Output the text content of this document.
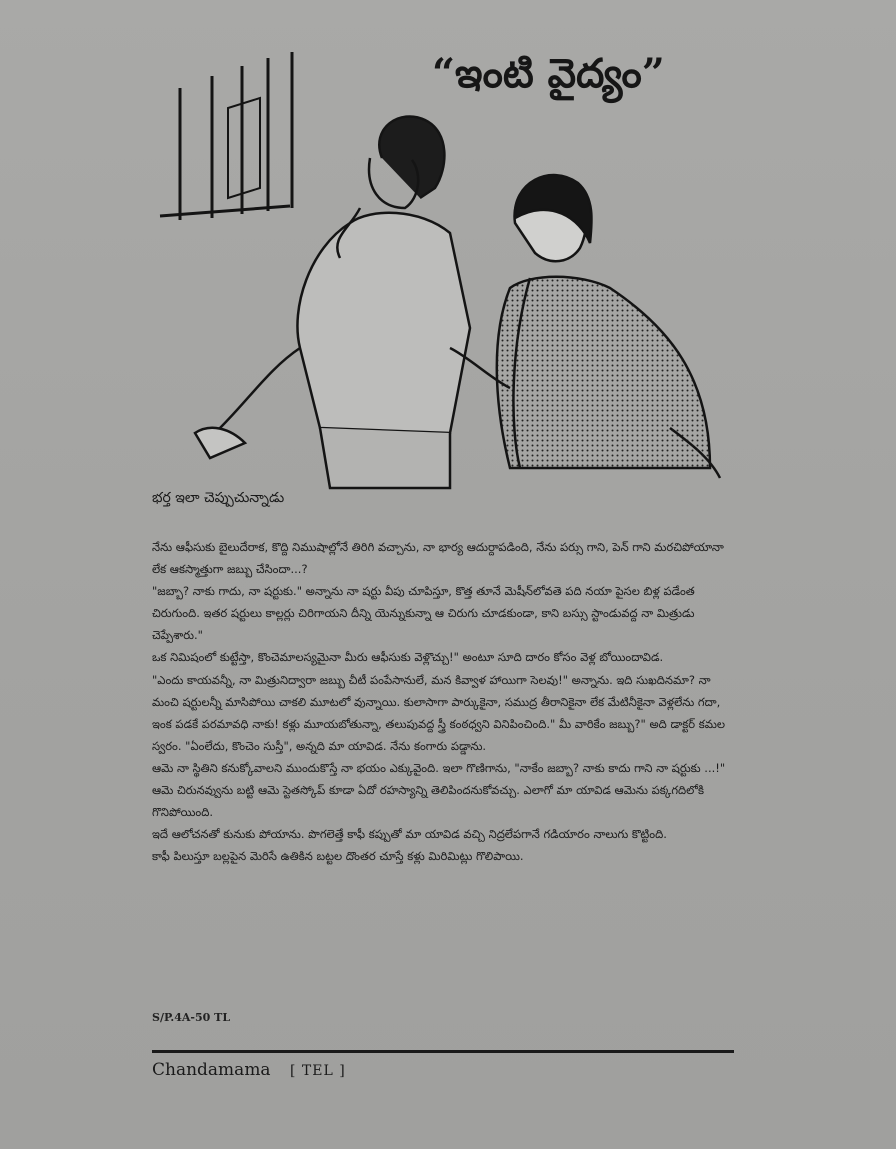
“ఇంటి వైద్యం”
భర్త ఇలా చెప్పుచున్నాడు

నేను ఆఫీసుకు బైలుదేరాక, కొద్ది నిముషాల్లోనే తిరిగి వచ్చాను, నా భార్య ఆదుర్దాపడింది, నేను పర్సు గాని, పెన్ గాని మరచిపోయానా లేక ఆకస్మాత్తుగా జబ్బు చేసిందా...?

"జబ్బా? నాకు గాదు, నా షర్టుకు." అన్నాను నా షర్టు వీపు చూపిస్తూ, కొత్త తూనే మెషీన్‌లోవతె పది నయా పైసల బిళ్ల పడేంత చిరుగుంది. ఇతర షర్టులు కాల్లర్లు చిరిగాయని దీన్ని యెన్నుకున్నా ఆ చిరుగు చూడకుండా, కాని బస్సు స్టాండువద్ద నా మిత్రుడు చెప్పేశారు."

ఒక నిమిషంలో కుట్టేస్తా, కొంచెమాలస్యమైనా మీరు ఆఫీసుకు వెళ్లొచ్చు!" అంటూ సూది దారం కోసం వెళ్ల బోయిందావిడ.

"ఎందు కాయవన్నీ, నా మిత్రునిద్వారా జబ్బు చీటీ పంపేసానులే, మన కివ్వాళ హాయిగా సెలవు!" అన్నాను. ఇది సుఖదినమా? నా మంచి షర్టులన్నీ మాసిపోయి చాకలి మూటలో వున్నాయి. కులాసాగా పార్కుకైనా, సముద్ర తీరానికైనా లేక మేటినీకైనా వెళ్లలేను గదా, ఇంక పడకే పరమావధి నాకు! కళ్లు మూయబోతున్నా, తలుపువద్ద స్త్రీ కంఠధ్వని వినిపించింది." మీ వారికేం జబ్బు?" అది డాక్టర్ కమల స్వరం. "ఏంలేదు, కొంచెం సుస్తీ", అన్నది మా యావిడ. నేను కంగారు పడ్డాను.

ఆమె నా స్థితిని కనుక్కోవాలని ముందుకొస్తే నా భయం ఎక్కువైంది. ఇలా గొణిగాను, "నాకేం జబ్బా? నాకు కాదు గాని నా షర్టుకు ...!" ఆమె చిరునవ్వును బట్టి ఆమె స్టెతస్కోప్ కూడా ఏదో రహస్యాన్ని తెలిపిందనుకోవచ్చు. ఎలాగో మా యావిడ ఆమెను పక్కగదిలోకి గొనిపోయింది.

ఇదే ఆలోచనతో కునుకు పోయాను. పొగలెత్తే కాఫీ కప్పుతో మా యావిడ వచ్చి నిద్రలేపగానే గడియారం నాలుగు కొట్టింది.

కాఫీ పిలుస్తూ బల్లపైన మెరిసే ఉతికిన బట్టల దొంతర చూస్తే కళ్లు మిరిమిట్లు గొలిపాయి.

S/P.4A-50 TL
Chandamama [ TEL ]
